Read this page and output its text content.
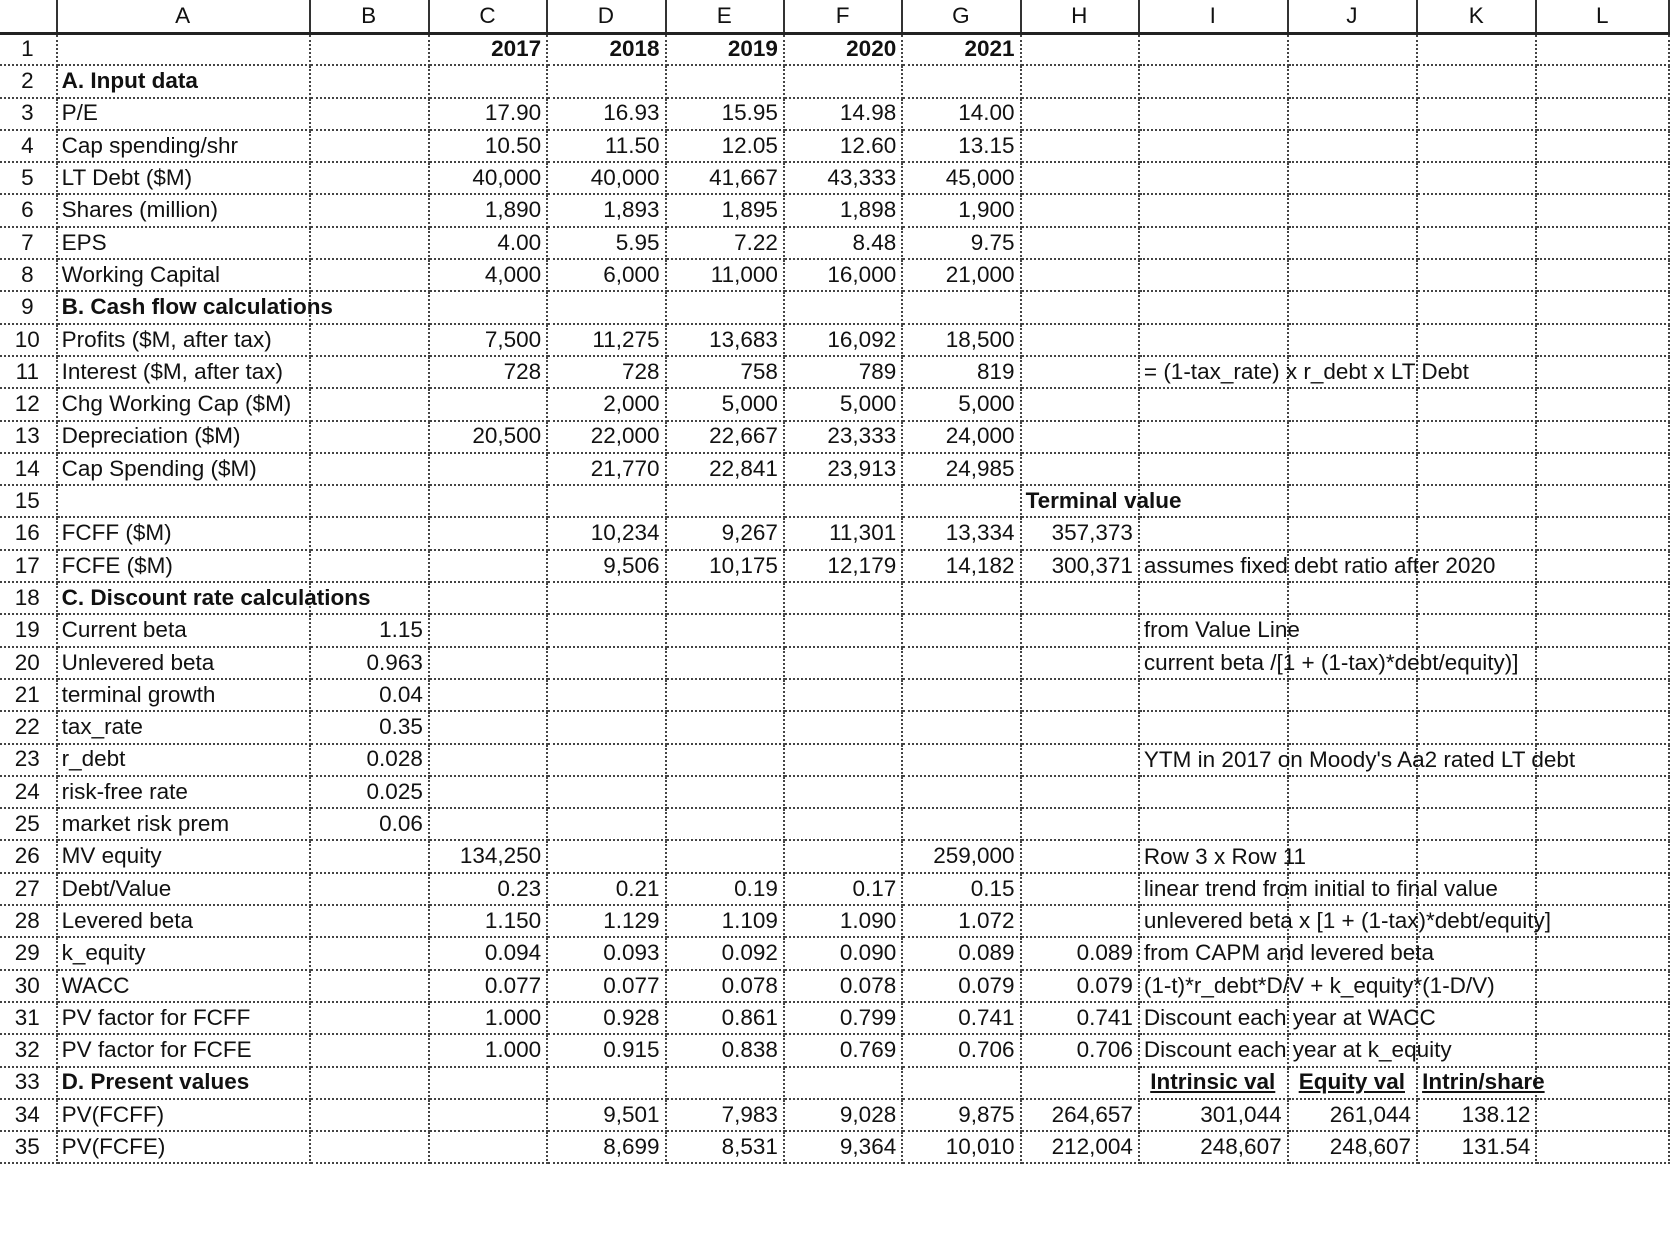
	A	B	C	D	E	F	G	H	I	J	K	L
1			2017	2018	2019	2020	2021					
2	A. Input data											
3	P/E		17.90	16.93	15.95	14.98	14.00					
4	Cap spending/shr		10.50	11.50	12.05	12.60	13.15					
5	LT Debt ($M)		40,000	40,000	41,667	43,333	45,000					
6	Shares (million)		1,890	1,893	1,895	1,898	1,900					
7	EPS		4.00	5.95	7.22	8.48	9.75					
8	Working Capital		4,000	6,000	11,000	16,000	21,000					
9	B. Cash flow calculations											
10	Profits ($M, after tax)		7,500	11,275	13,683	16,092	18,500					
11	Interest ($M, after tax)		728	728	758	789	819		= (1-tax_rate) x r_debt x LT Debt			

12	Chg Working Cap ($M)			2,000	5,000	5,000	5,000					
13	Depreciation ($M)		20,500	22,000	22,667	23,333	24,000					
14	Cap Spending ($M)			21,770	22,841	23,913	24,985					
15								Terminal value				

16	FCFF ($M)			10,234	9,267	11,301	13,334	357,373				
17	FCFE ($M)			9,506	10,175	12,179	14,182	300,371	assumes fixed debt ratio after 2020			

18	C. Discount rate calculations											
19	Current beta	1.15							from Value Line			

20	Unlevered beta	0.963							current beta /[1 + (1-tax)*debt/equity)]			

21	terminal growth	0.04										
22	tax_rate	0.35										
23	r_debt	0.028							YTM in 2017 on Moody's Aa2 rated LT debt			

24	risk-free rate	0.025										
25	market risk prem	0.06										
26	MV equity		134,250				259,000		Row 3 x Row 11			

27	Debt/Value		0.23	0.21	0.19	0.17	0.15		linear trend from initial to final value			

28	Levered beta		1.150	1.129	1.109	1.090	1.072		unlevered beta x [1 + (1-tax)*debt/equity]			

29	k_equity		0.094	0.093	0.092	0.090	0.089	0.089	from CAPM and levered beta			

30	WACC		0.077	0.077	0.078	0.078	0.079	0.079	(1-t)*r_debt*D/V + k_equity*(1-D/V)			

31	PV factor for FCFF		1.000	0.928	0.861	0.799	0.741	0.741	Discount each year at WACC			

32	PV factor for FCFE		1.000	0.915	0.838	0.769	0.706	0.706	Discount each year at k_equity			

33	D. Present values								Intrinsic val	Equity val	Intrin/share	
34	PV(FCFF)			9,501	7,983	9,028	9,875	264,657	301,044	261,044	138.12	
35	PV(FCFE)			8,699	8,531	9,364	10,010	212,004	248,607	248,607	131.54	
